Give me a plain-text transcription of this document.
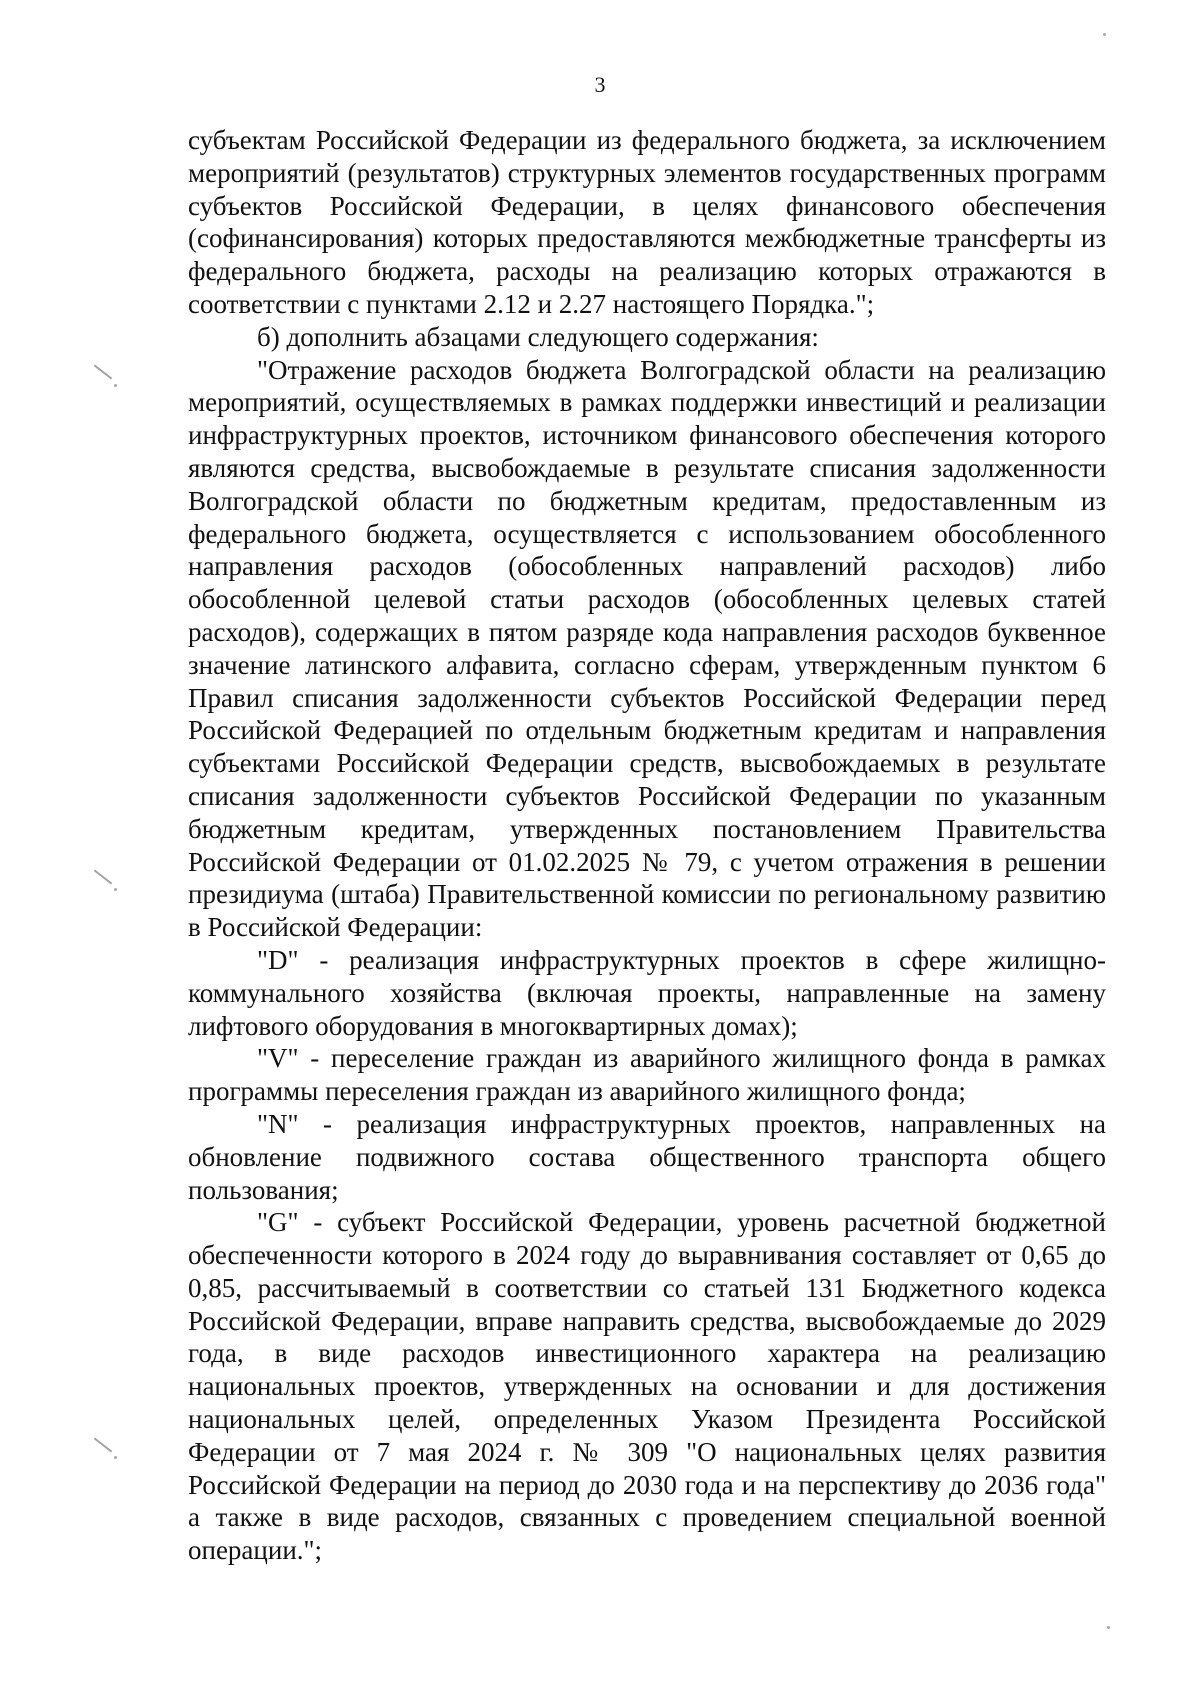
3

субъектам Российской Федерации из федерального бюджета, за исключением мероприятий (результатов) структурных элементов государственных программ субъектов Российской Федерации, в целях финансового обеспечения (софинансирования) которых предоставляются межбюджетные трансферты из федерального бюджета, расходы на реализацию которых отражаются в соответствии с пунктами 2.12 и 2.27 настоящего Порядка.";

б) дополнить абзацами следующего содержания:

"Отражение расходов бюджета Волгоградской области на реализацию мероприятий, осуществляемых в рамках поддержки инвестиций и реализации инфраструктурных проектов, источником финансового обеспечения которого являются средства, высвобождаемые в результате списания задолженности Волгоградской области по бюджетным кредитам, предоставленным из федерального бюджета, осуществляется с использованием обособленного направления расходов (обособленных направлений расходов) либо обособленной целевой статьи расходов (обособленных целевых статей расходов), содержащих в пятом разряде кода направления расходов буквенное значение латинского алфавита, согласно сферам, утвержденным пунктом 6 Правил списания задолженности субъектов Российской Федерации перед Российской Федерацией по отдельным бюджетным кредитам и направления субъектами Российской Федерации средств, высвобождаемых в результате списания задолженности субъектов Российской Федерации по указанным бюджетным кредитам, утвержденных постановлением Правительства Российской Федерации от 01.02.2025 № 79, с учетом отражения в решении президиума (штаба) Правительственной комиссии по региональному развитию в Российской Федерации:

"D" - реализация инфраструктурных проектов в сфере жилищно-коммунального хозяйства (включая проекты, направленные на замену лифтового оборудования в многоквартирных домах);

"V" - переселение граждан из аварийного жилищного фонда в рамках программы переселения граждан из аварийного жилищного фонда;

"N" - реализация инфраструктурных проектов, направленных на обновление подвижного состава общественного транспорта общего пользования;

"G" - субъект Российской Федерации, уровень расчетной бюджетной обеспеченности которого в 2024 году до выравнивания составляет от 0,65 до 0,85, рассчитываемый в соответствии со статьей 131 Бюджетного кодекса Российской Федерации, вправе направить средства, высвобождаемые до 2029 года, в виде расходов инвестиционного характера на реализацию национальных проектов, утвержденных на основании и для достижения национальных целей, определенных Указом Президента Российской Федерации от 7 мая 2024 г. № 309 "О национальных целях развития Российской Федерации на период до 2030 года и на перспективу до 2036 года" а также в виде расходов, связанных с проведением специальной военной операции.";
